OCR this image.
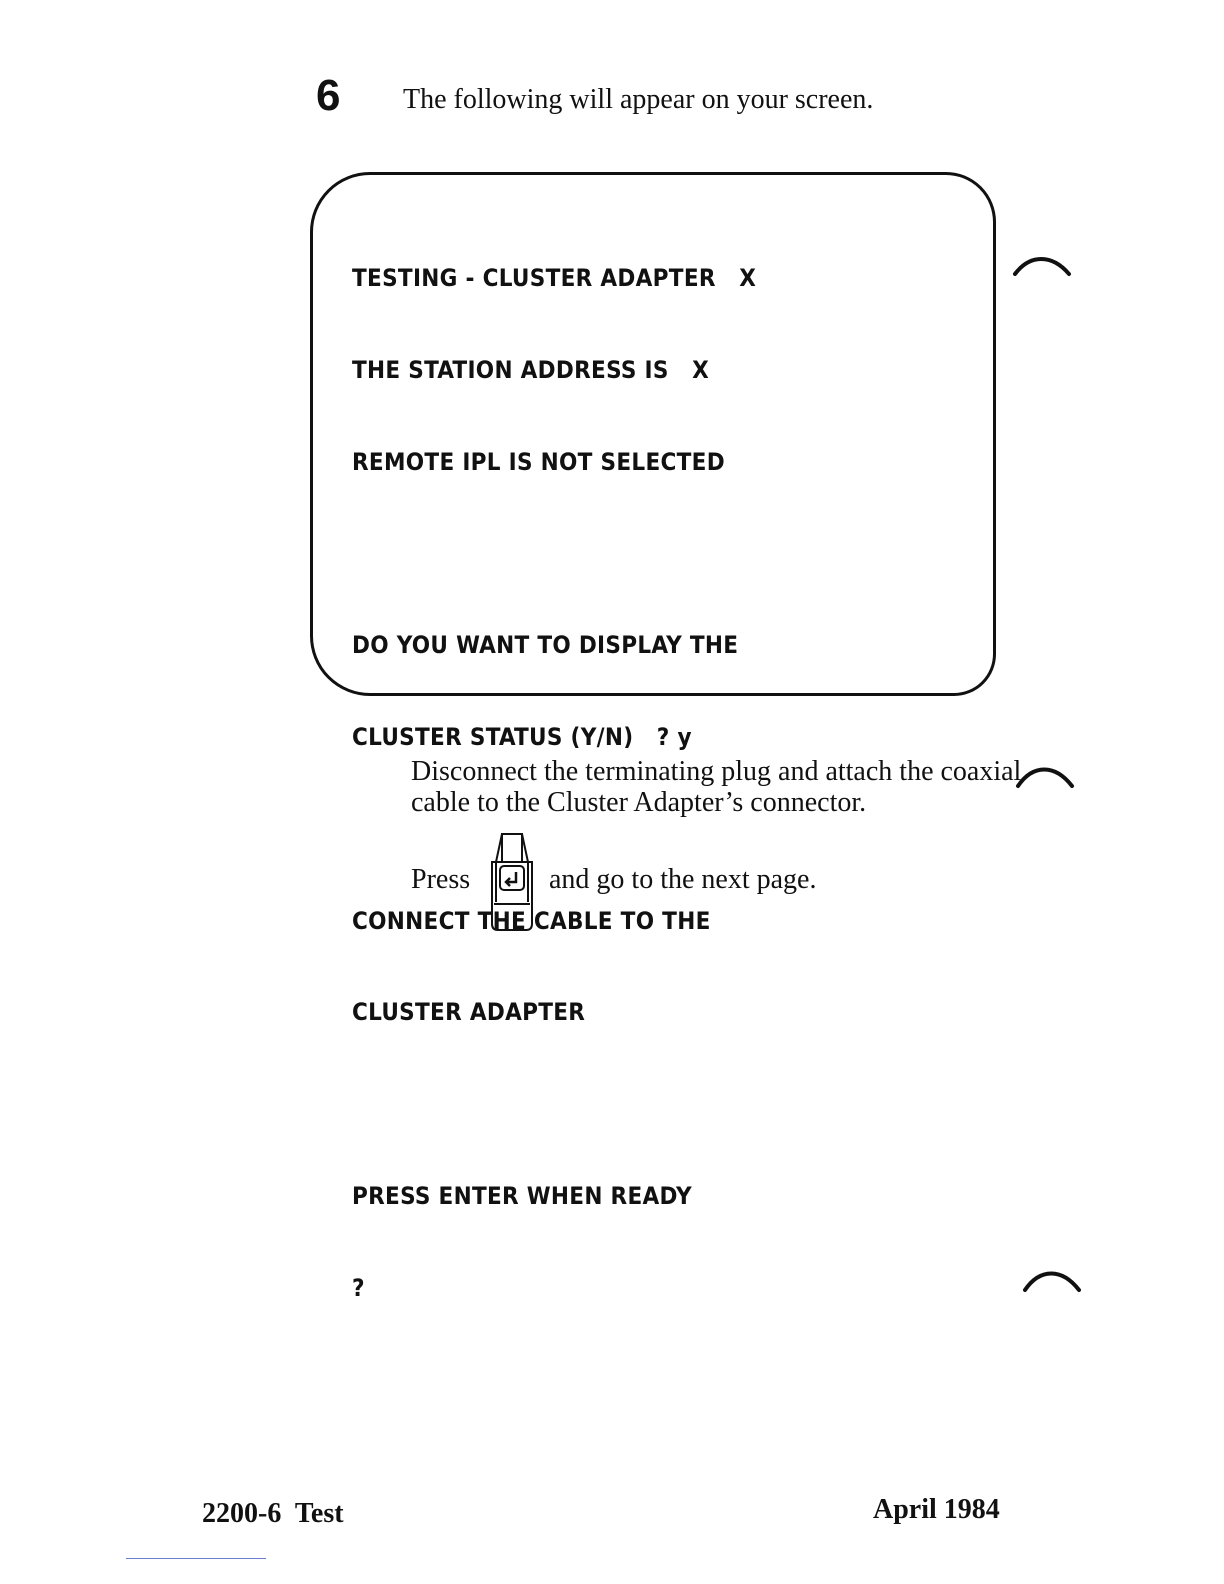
6 The following will appear on your screen.

TESTING - CLUSTER ADAPTER   X

THE STATION ADDRESS IS   X

REMOTE IPL IS NOT SELECTED

DO YOU WANT TO DISPLAY THE

CLUSTER STATUS (Y/N)   ? y

CONNECT THE CABLE TO THE

CLUSTER ADAPTER

PRESS ENTER WHEN READY

?

Disconnect the terminating plug and attach the coaxial cable to the Cluster Adapter’s connector.
Press	and go to the next page.
2200-6  Test	April 1984
